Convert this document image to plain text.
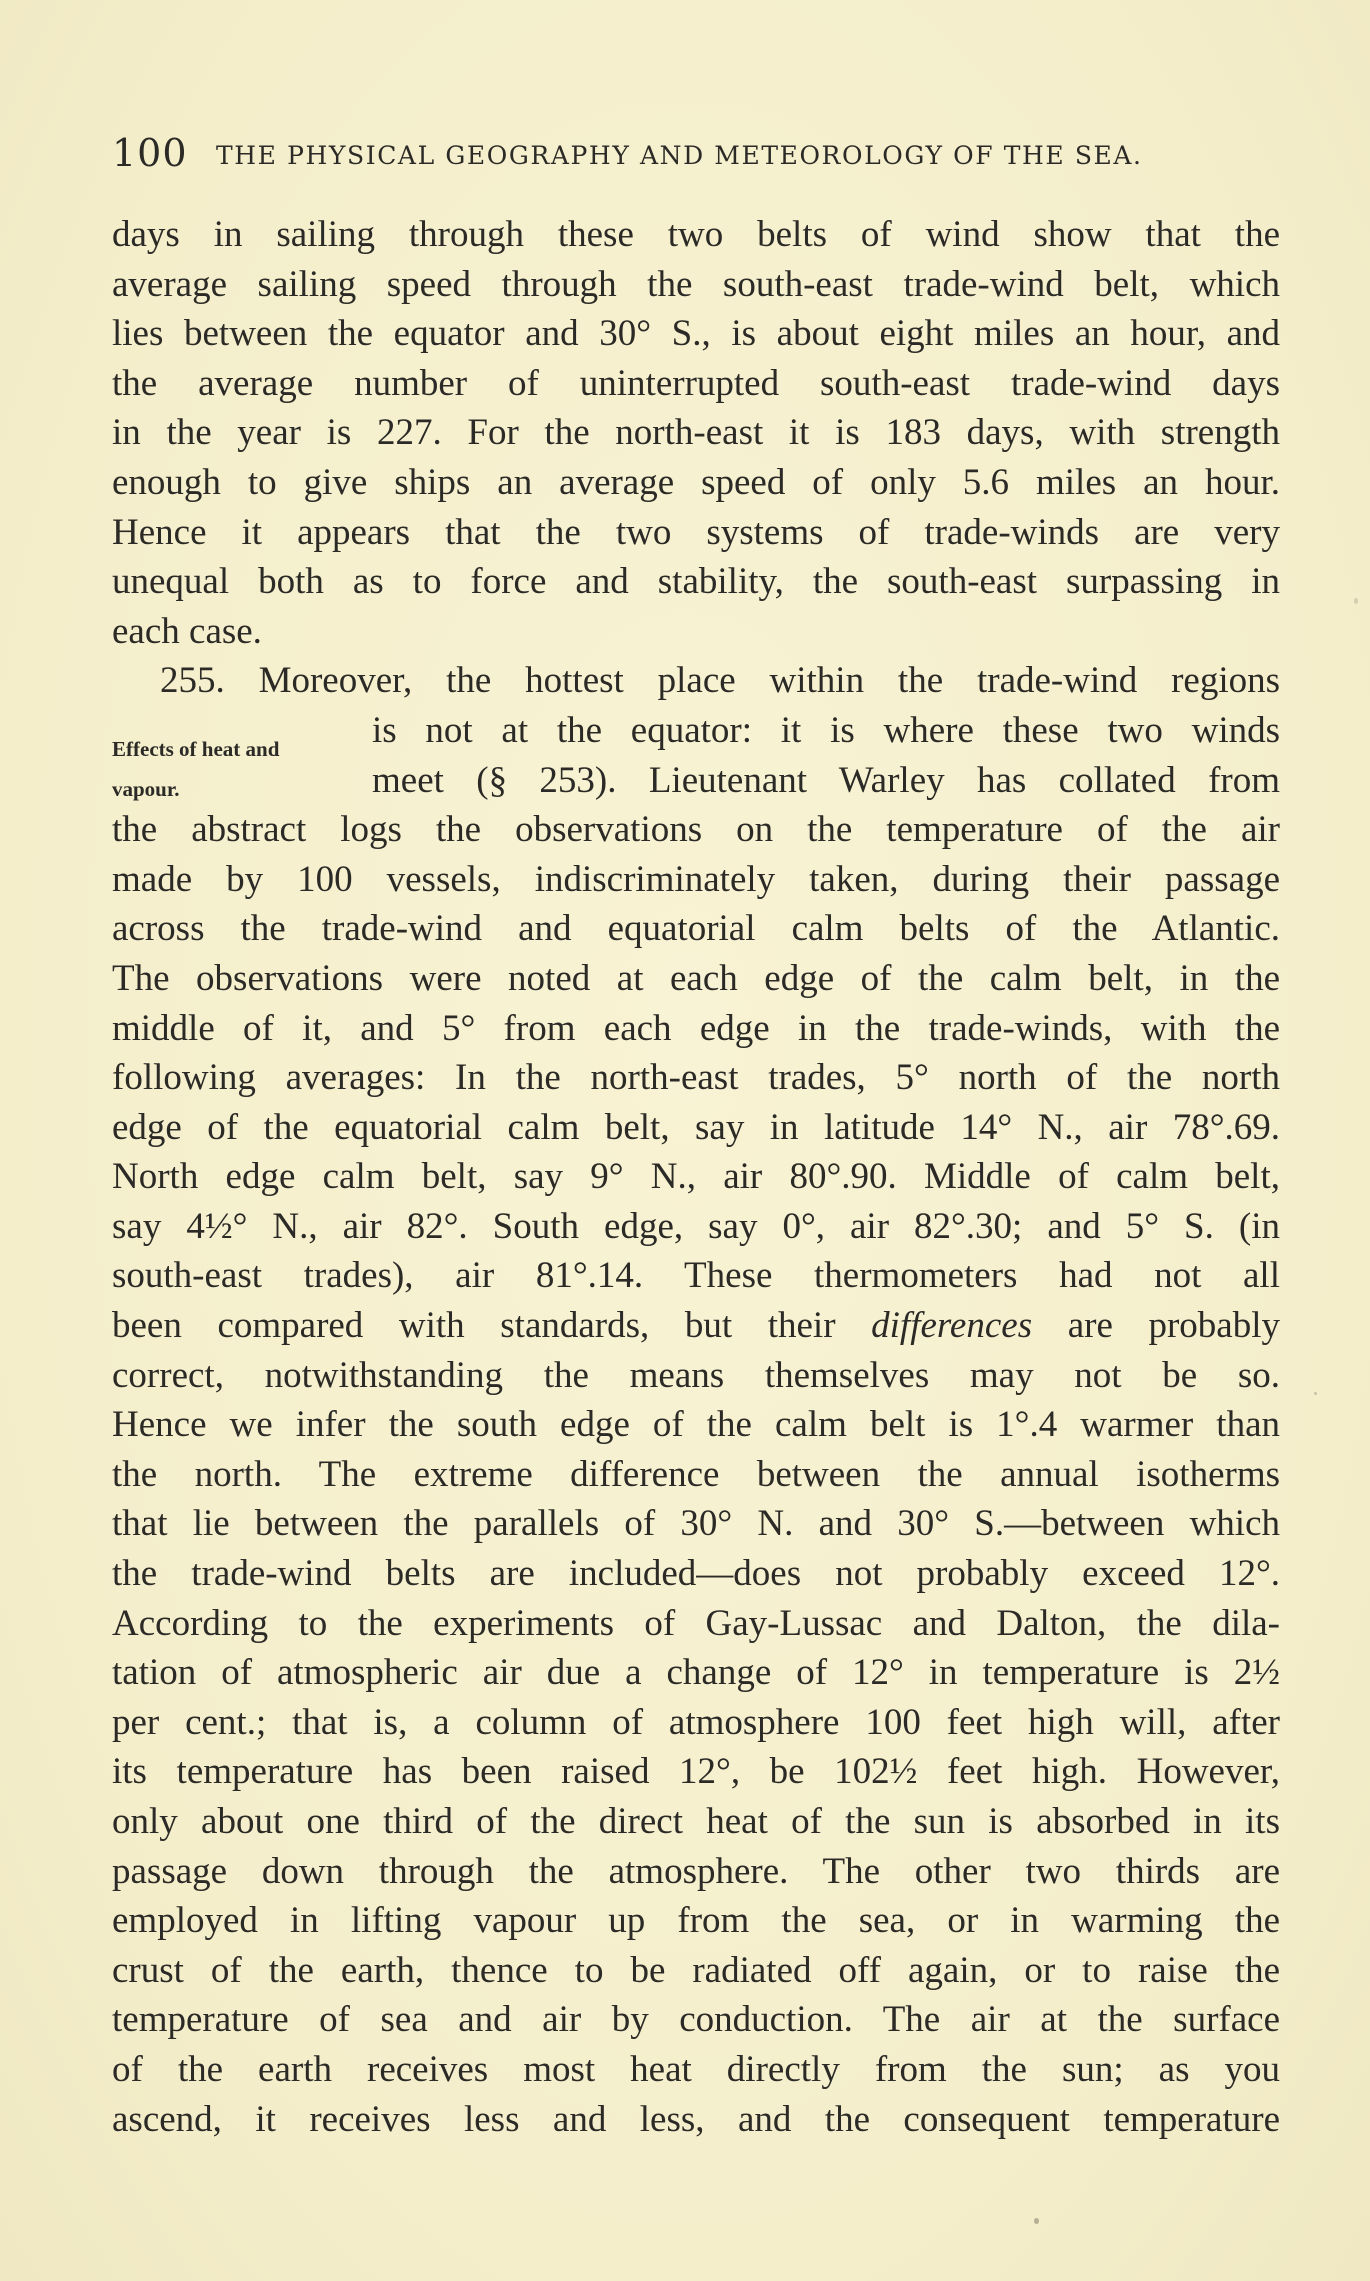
100 THE PHYSICAL GEOGRAPHY AND METEOROLOGY OF THE SEA.
Effects of heat and
vapour.
days in sailing through these two belts of wind show that the
average sailing speed through the south-east trade-wind belt, which
lies between the equator and 30° S., is about eight miles an hour, and
the average number of uninterrupted south-east trade-wind days
in the year is 227. For the north-east it is 183 days, with strength
enough to give ships an average speed of only 5.6 miles an hour.
Hence it appears that the two systems of trade-winds are very
unequal both as to force and stability, the south-east surpassing in
each case.
255. Moreover, the hottest place within the trade-wind regions
is not at the equator: it is where these two winds
meet (§ 253). Lieutenant Warley has collated from
the abstract logs the observations on the temperature of the air
made by 100 vessels, indiscriminately taken, during their passage
across the trade-wind and equatorial calm belts of the Atlantic.
The observations were noted at each edge of the calm belt, in the
middle of it, and 5° from each edge in the trade-winds, with the
following averages: In the north-east trades, 5° north of the north
edge of the equatorial calm belt, say in latitude 14° N., air 78°.69.
North edge calm belt, say 9° N., air 80°.90. Middle of calm belt,
say 4½° N., air 82°. South edge, say 0°, air 82°.30; and 5° S. (in
south-east trades), air 81°.14. These thermometers had not all
been compared with standards, but their differences are probably
correct, notwithstanding the means themselves may not be so.
Hence we infer the south edge of the calm belt is 1°.4 warmer than
the north. The extreme difference between the annual isotherms
that lie between the parallels of 30° N. and 30° S.—between which
the trade-wind belts are included—does not probably exceed 12°.
According to the experiments of Gay-Lussac and Dalton, the dila-
tation of atmospheric air due a change of 12° in temperature is 2½
per cent.; that is, a column of atmosphere 100 feet high will, after
its temperature has been raised 12°, be 102½ feet high. However,
only about one third of the direct heat of the sun is absorbed in its
passage down through the atmosphere. The other two thirds are
employed in lifting vapour up from the sea, or in warming the
crust of the earth, thence to be radiated off again, or to raise the
temperature of sea and air by conduction. The air at the surface
of the earth receives most heat directly from the sun; as you
ascend, it receives less and less, and the consequent temperature
